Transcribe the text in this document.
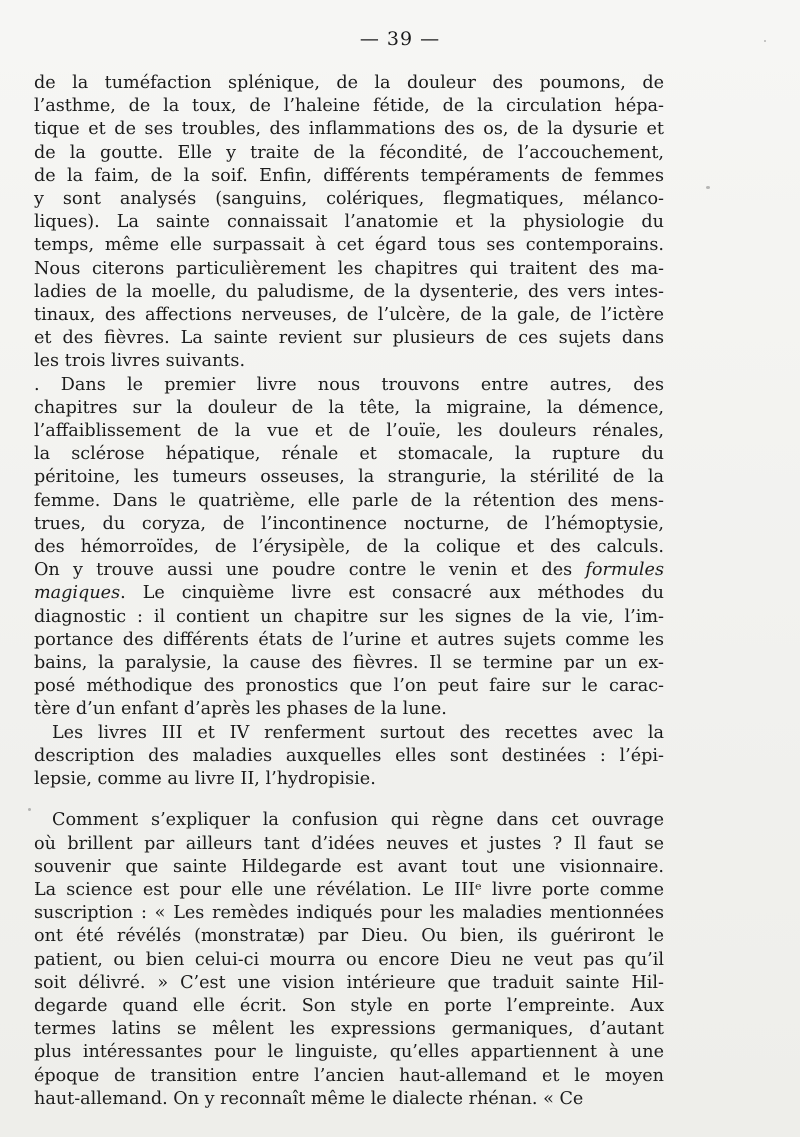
— 39 —
de la tuméfaction splénique, de la douleur des poumons, de
l’asthme, de la toux, de l’haleine fétide, de la circulation hépa-
tique et de ses troubles, des inflammations des os, de la dysurie et
de la goutte. Elle y traite de la fécondité, de l’accouchement,
de la faim, de la soif. Enfin, différents tempéraments de femmes
y sont analysés (sanguins, colériques, flegmatiques, mélanco-
liques). La sainte connaissait l’anatomie et la physiologie du
temps, même elle surpassait à cet égard tous ses contemporains.
Nous citerons particulièrement les chapitres qui traitent des ma-
ladies de la moelle, du paludisme, de la dysenterie, des vers intes-
tinaux, des affections nerveuses, de l’ulcère, de la gale, de l’ictère
et des fièvres. La sainte revient sur plusieurs de ces sujets dans
les trois livres suivants.
. Dans le premier livre nous trouvons entre autres, des
chapitres sur la douleur de la tête, la migraine, la démence,
l’affaiblissement de la vue et de l’ouïe, les douleurs rénales,
la sclérose hépatique, rénale et stomacale, la rupture du
péritoine, les tumeurs osseuses, la strangurie, la stérilité de la
femme. Dans le quatrième, elle parle de la rétention des mens-
trues, du coryza, de l’incontinence nocturne, de l’hémoptysie,
des hémorroïdes, de l’érysipèle, de la colique et des calculs.
On y trouve aussi une poudre contre le venin et des formules
magiques. Le cinquième livre est consacré aux méthodes du
diagnostic : il contient un chapitre sur les signes de la vie, l’im-
portance des différents états de l’urine et autres sujets comme les
bains, la paralysie, la cause des fièvres. Il se termine par un ex-
posé méthodique des pronostics que l’on peut faire sur le carac-
tère d’un enfant d’après les phases de la lune.
Les livres III et IV renferment surtout des recettes avec la
description des maladies auxquelles elles sont destinées : l’épi-
lepsie, comme au livre II, l’hydropisie.
Comment s’expliquer la confusion qui règne dans cet ouvrage
où brillent par ailleurs tant d’idées neuves et justes ? Il faut se
souvenir que sainte Hildegarde est avant tout une visionnaire.
La science est pour elle une révélation. Le IIIᵉ livre porte comme
suscription : « Les remèdes indiqués pour les maladies mentionnées
ont été révélés (monstratæ) par Dieu. Ou bien, ils guériront le
patient, ou bien celui-ci mourra ou encore Dieu ne veut pas qu’il
soit délivré. » C’est une vision intérieure que traduit sainte Hil-
degarde quand elle écrit. Son style en porte l’empreinte. Aux
termes latins se mêlent les expressions germaniques, d’autant
plus intéressantes pour le linguiste, qu’elles appartiennent à une
époque de transition entre l’ancien haut-allemand et le moyen
haut-allemand. On y reconnaît même le dialecte rhénan. « Ce
